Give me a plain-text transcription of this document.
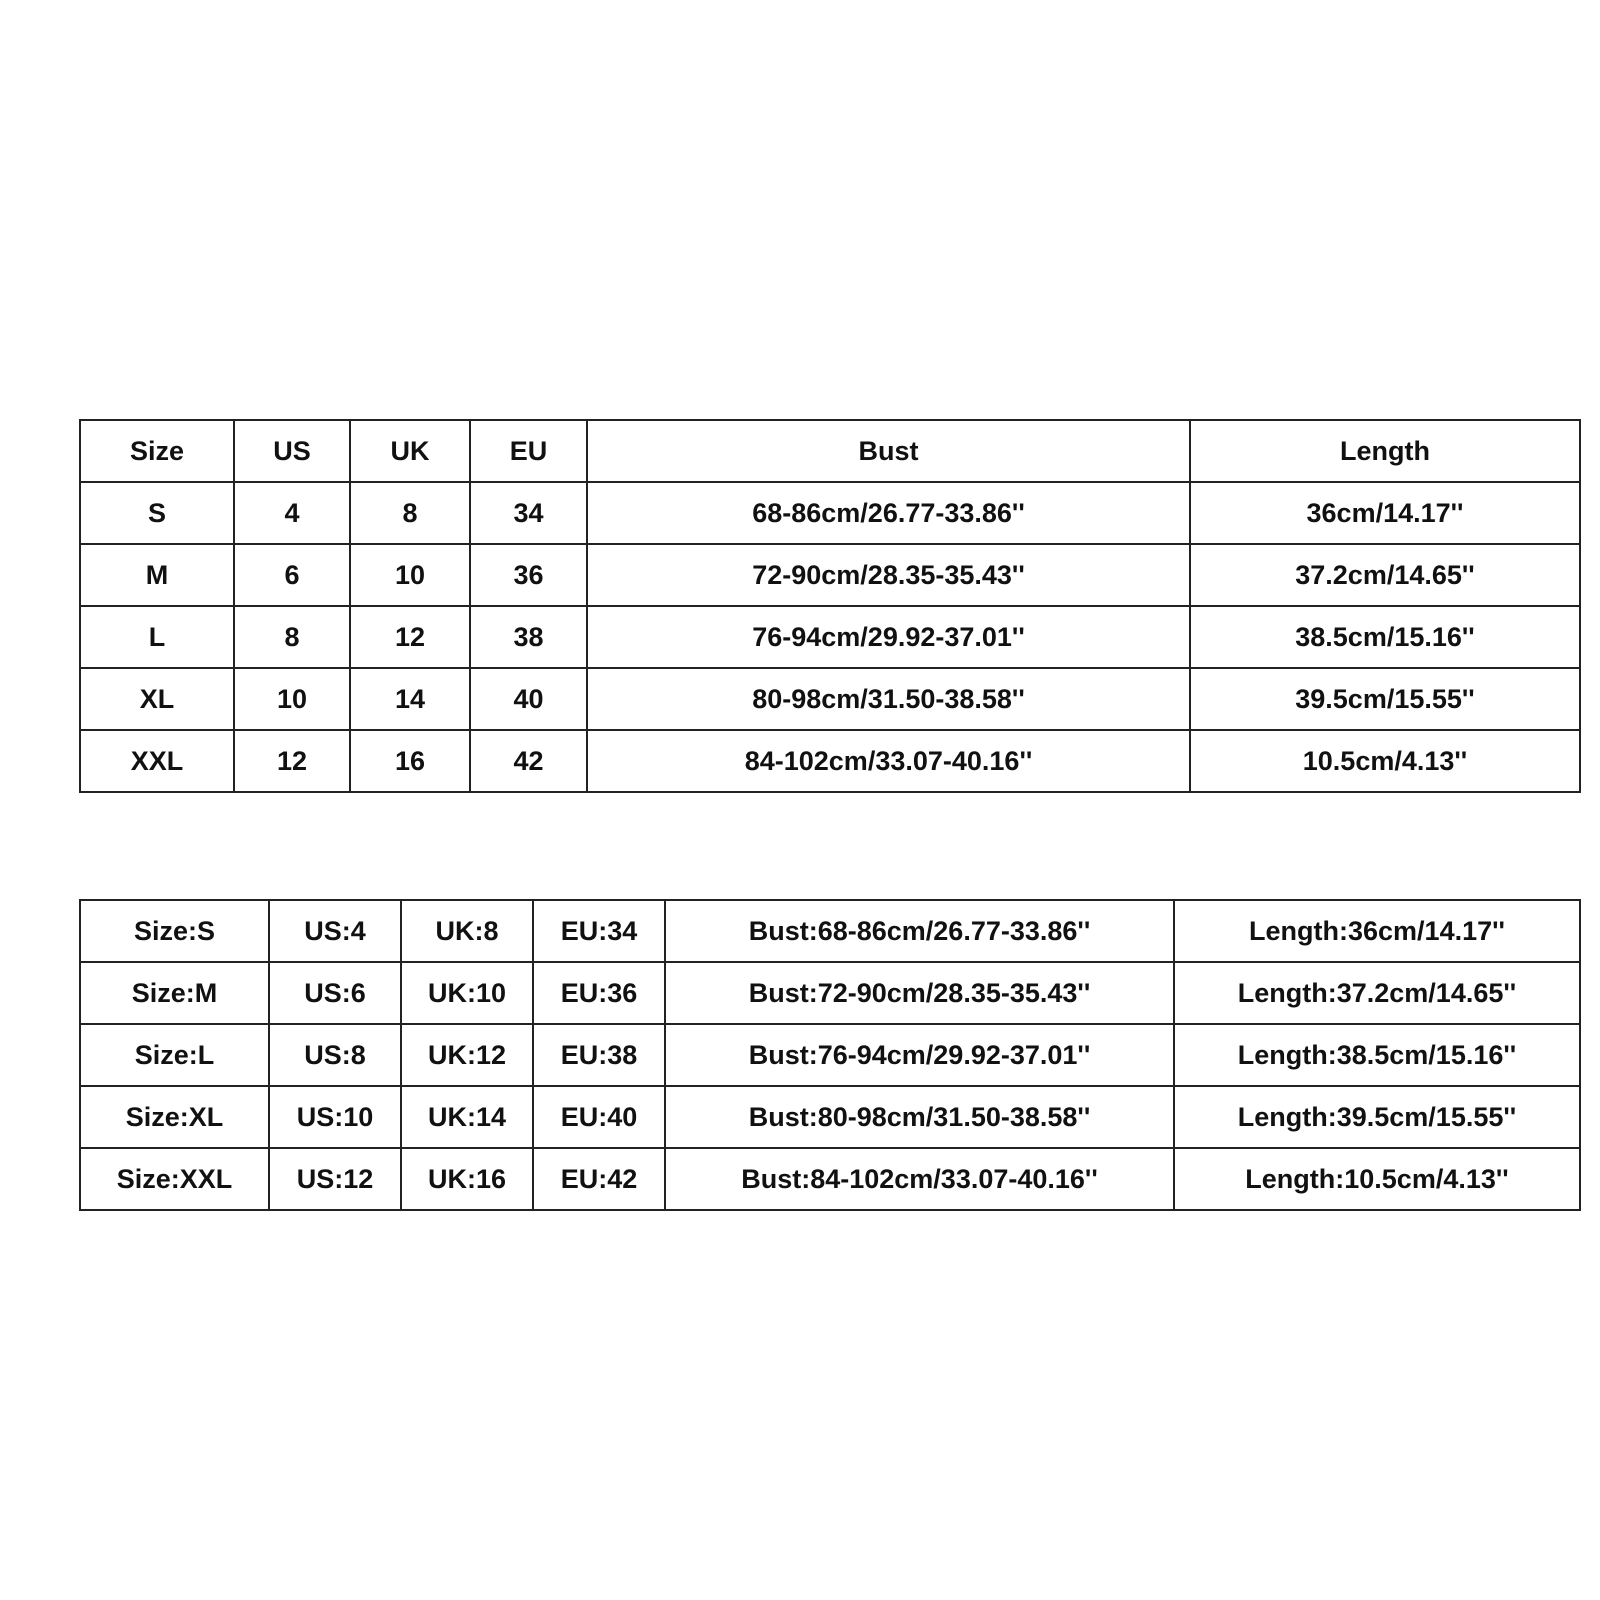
Size	US	UK	EU	Bust	Length
S	4	8	34	68-86cm/26.77-33.86''	36cm/14.17''
M	6	10	36	72-90cm/28.35-35.43''	37.2cm/14.65''
L	8	12	38	76-94cm/29.92-37.01''	38.5cm/15.16''
XL	10	14	40	80-98cm/31.50-38.58''	39.5cm/15.55''
XXL	12	16	42	84-102cm/33.07-40.16''	10.5cm/4.13''
Size:S	US:4	UK:8	EU:34	Bust:68-86cm/26.77-33.86''	Length:36cm/14.17''
Size:M	US:6	UK:10	EU:36	Bust:72-90cm/28.35-35.43''	Length:37.2cm/14.65''
Size:L	US:8	UK:12	EU:38	Bust:76-94cm/29.92-37.01''	Length:38.5cm/15.16''
Size:XL	US:10	UK:14	EU:40	Bust:80-98cm/31.50-38.58''	Length:39.5cm/15.55''
Size:XXL	US:12	UK:16	EU:42	Bust:84-102cm/33.07-40.16''	Length:10.5cm/4.13''
